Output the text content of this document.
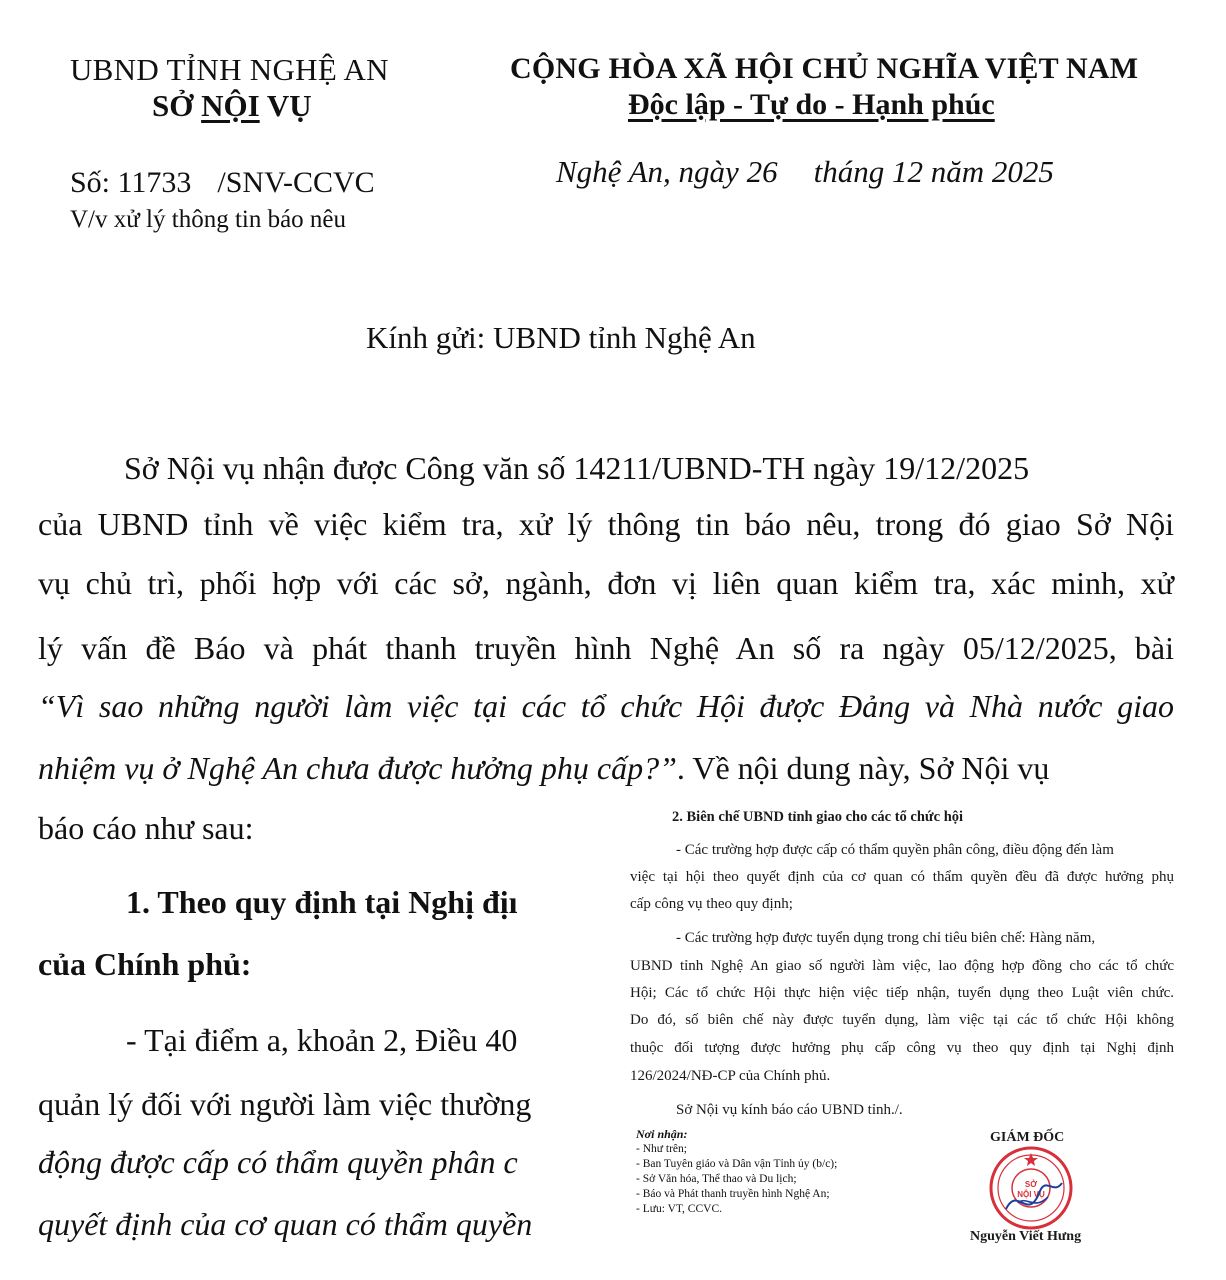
UBND TỈNH NGHỆ AN
SỞ NỘI VỤ
Số: 11733 /SNV-CCVC
V/v xử lý thông tin báo nêu
CỘNG HÒA XÃ HỘI CHỦ NGHĨA VIỆT NAM
Độc lập - Tự do - Hạnh phúc
Nghệ An, ngày 26 tháng 12 năm 2025
Kính gửi: UBND tỉnh Nghệ An
Sở Nội vụ nhận được Công văn số 14211/UBND-TH ngày 19/12/2025
của UBND tỉnh về việc kiểm tra, xử lý thông tin báo nêu, trong đó giao Sở Nội
vụ chủ trì, phối hợp với các sở, ngành, đơn vị liên quan kiểm tra, xác minh, xử
lý vấn đề Báo và phát thanh truyền hình Nghệ An số ra ngày 05/12/2025, bài
“Vì sao những người làm việc tại các tổ chức Hội được Đảng và Nhà nước giao
nhiệm vụ ở Nghệ An chưa được hưởng phụ cấp?”. Về nội dung này, Sở Nội vụ
báo cáo như sau:
1. Theo quy định tại Nghị địı
của Chính phủ:
- Tại điểm a, khoản 2, Điều 40
quản lý đối với người làm việc thường
động được cấp có thẩm quyền phân c
quyết định của cơ quan có thẩm quyền
2. Biên chế UBND tỉnh giao cho các tổ chức hội
- Các trường hợp được cấp có thẩm quyền phân công, điều động đến làm
việc tại hội theo quyết định của cơ quan có thẩm quyền đều đã được hưởng phụ
cấp công vụ theo quy định;
- Các trường hợp được tuyển dụng trong chỉ tiêu biên chế: Hàng năm,
UBND tỉnh Nghệ An giao số người làm việc, lao động hợp đồng cho các tổ chức
Hội; Các tổ chức Hội thực hiện việc tiếp nhận, tuyển dụng theo Luật viên chức.
Do đó, số biên chế này được tuyển dụng, làm việc tại các tổ chức Hội không
thuộc đối tượng được hưởng phụ cấp công vụ theo quy định tại Nghị định
126/2024/NĐ-CP của Chính phủ.
Sở Nội vụ kính báo cáo UBND tỉnh./.
Nơi nhận:
- Như trên;
- Ban Tuyên giáo và Dân vận Tỉnh ủy (b/c);
- Sở Văn hóa, Thể thao và Du lịch;
- Báo và Phát thanh truyền hình Nghệ An;
- Lưu: VT, CCVC.
SỞ
NỘI VỤ
GIÁM ĐỐC
Nguyễn Viết Hưng
